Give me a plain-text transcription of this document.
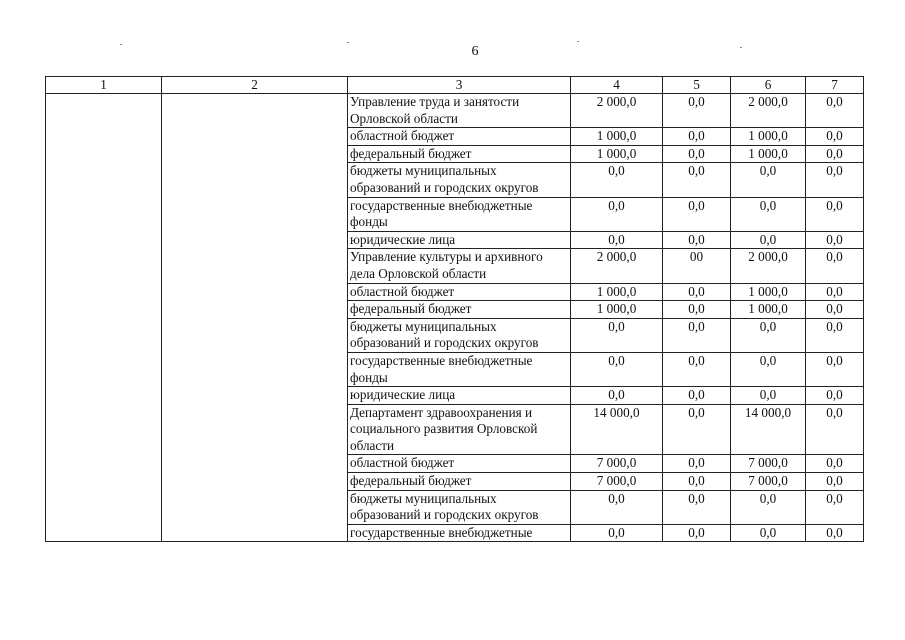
6
1	2	3	4	5	6	7
		Управление труда и занятости Орловской области	2 000,0	0,0	2 000,0	0,0
		областной бюджет	1 000,0	0,0	1 000,0	0,0
		федеральный бюджет	1 000,0	0,0	1 000,0	0,0
		бюджеты муниципальных образований и городских округов	0,0	0,0	0,0	0,0
		государственные внебюджетные фонды	0,0	0,0	0,0	0,0
		юридические лица	0,0	0,0	0,0	0,0
		Управление культуры и архивного дела Орловской области	2 000,0	00	2 000,0	0,0
		областной бюджет	1 000,0	0,0	1 000,0	0,0
		федеральный бюджет	1 000,0	0,0	1 000,0	0,0
		бюджеты муниципальных образований и городских округов	0,0	0,0	0,0	0,0
		государственные внебюджетные фонды	0,0	0,0	0,0	0,0
		юридические лица	0,0	0,0	0,0	0,0
		Департамент здравоохранения и социального развития Орловской области	14 000,0	0,0	14 000,0	0,0
		областной бюджет	7 000,0	0,0	7 000,0	0,0
		федеральный бюджет	7 000,0	0,0	7 000,0	0,0
		бюджеты муниципальных образований и городских округов	0,0	0,0	0,0	0,0
		государственные внебюджетные	0,0	0,0	0,0	0,0
